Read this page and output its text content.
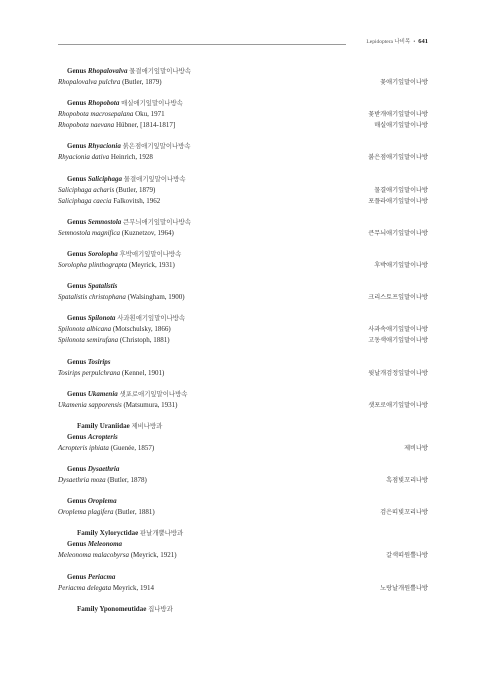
Lepidoptera 나비목 • 641
Genus Rhopalovalva 물결애기잎말이나방속
Rhopalovalva pulchra (Butler, 1879)	꽃애기잎말이나방
Genus Rhopobota 매실애기잎말이나방속
Rhopobota macrosepalana Oku, 1971	꽃받개애기잎말이나방
Rhopobota naevana Hübner, [1814-1817]	매실애기잎말이나방
Genus Rhyacionia 붉은점애기잎말이나방속
Rhyacionia dativa Heinrich, 1928	붉은점애기잎말이나방
Genus Saliciphaga 물결애기잎말이나방속
Saliciphaga acharis (Butler, 1879)	물결애기잎말이나방
Saliciphaga caecia Falkovitsh, 1962	포플라애기잎말이나방
Genus Semnostola 큰무늬애기잎말이나방속
Semnostola magnifica (Kuznetzov, 1964)	큰무늬애기잎말이나방
Genus Sorolopha 후박애기잎말이나방속
Sorolopha plinthograpta (Meyrick, 1931)	후박애기잎말이나방
Genus Spatalistis
Spatalistis christophana (Walsingham, 1900)	크리스토프잎말이나방
Genus Spilonota 사과흰애기잎말이나방속
Spilonota albicana (Motschulsky, 1866)	사과속애기잎말이나방
Spilonota semirufana (Christoph, 1881)	고동색애기잎말이나방
Genus Tosirips
Tosirips perpulchrana (Kennel, 1901)	윗날개검정잎말이나방
Genus Ukamenia 샛포로애기잎말이나방속
Ukamenia sapporensis (Matsumura, 1931)	샛포로애기잎말이나방
Family Uraniidae 제비나방과
Genus Acropteris
Acropteris iphiata (Guenée, 1857)	제비나방
Genus Dysaethria
Dysaethria moza (Butler, 1878)	흑점빛꼬리나방
Genus Oroplema
Oroplema plagifera (Butler, 1881)	검은띠빛꼬리나방
Family Xyloryctidae 판날개뿔나방과
Genus Meleonoma
Meleonoma malacobyrsa (Meyrick, 1921)	갈색띠원뿔나방
Genus Periacma
Periacma delegata Meyrick, 1914	노랑날개원뿔나방
Family Yponomeutidae 집나방과
